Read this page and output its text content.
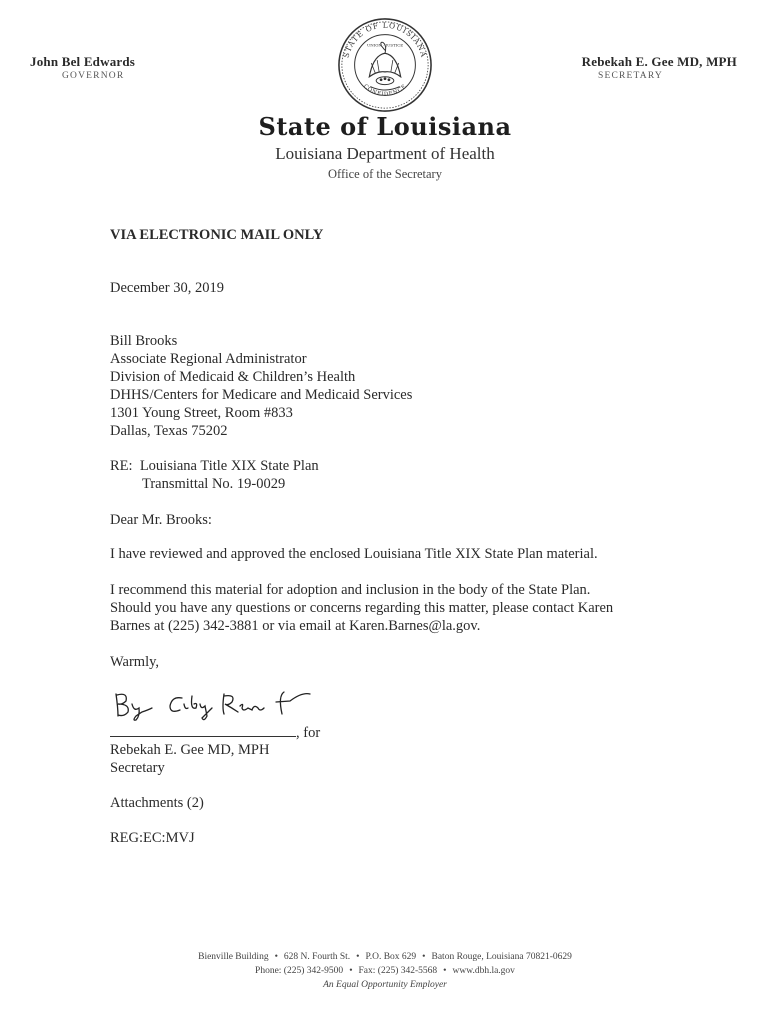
John Bel Edwards
GOVERNOR
Rebekah E. Gee MD, MPH
SECRETARY
STATE OF LOUISIANA
CONFIDENCE
UNION · JUSTICE
State of Louisiana
Louisiana Department of Health
Office of the Secretary
VIA ELECTRONIC MAIL ONLY
December 30, 2019
Bill Brooks
Associate Regional Administrator
Division of Medicaid & Children’s Health
DHHS/Centers for Medicare and Medicaid Services
1301 Young Street, Room #833
Dallas, Texas 75202
RE: Louisiana Title XIX State Plan
Transmittal No. 19-0029
Dear Mr. Brooks:
I have reviewed and approved the enclosed Louisiana Title XIX State Plan material.
I recommend this material for adoption and inclusion in the body of the State Plan.
Should you have any questions or concerns regarding this matter, please contact Karen
Barnes at (225) 342-3881 or via email at Karen.Barnes@la.gov.
Warmly,
, for
Rebekah E. Gee MD, MPH
Secretary
Attachments (2)
REG:EC:MVJ
Bienville Building • 628 N. Fourth St. • P.O. Box 629 • Baton Rouge, Louisiana 70821-0629
Phone: (225) 342-9500 • Fax: (225) 342-5568 • www.dbh.la.gov
An Equal Opportunity Employer
